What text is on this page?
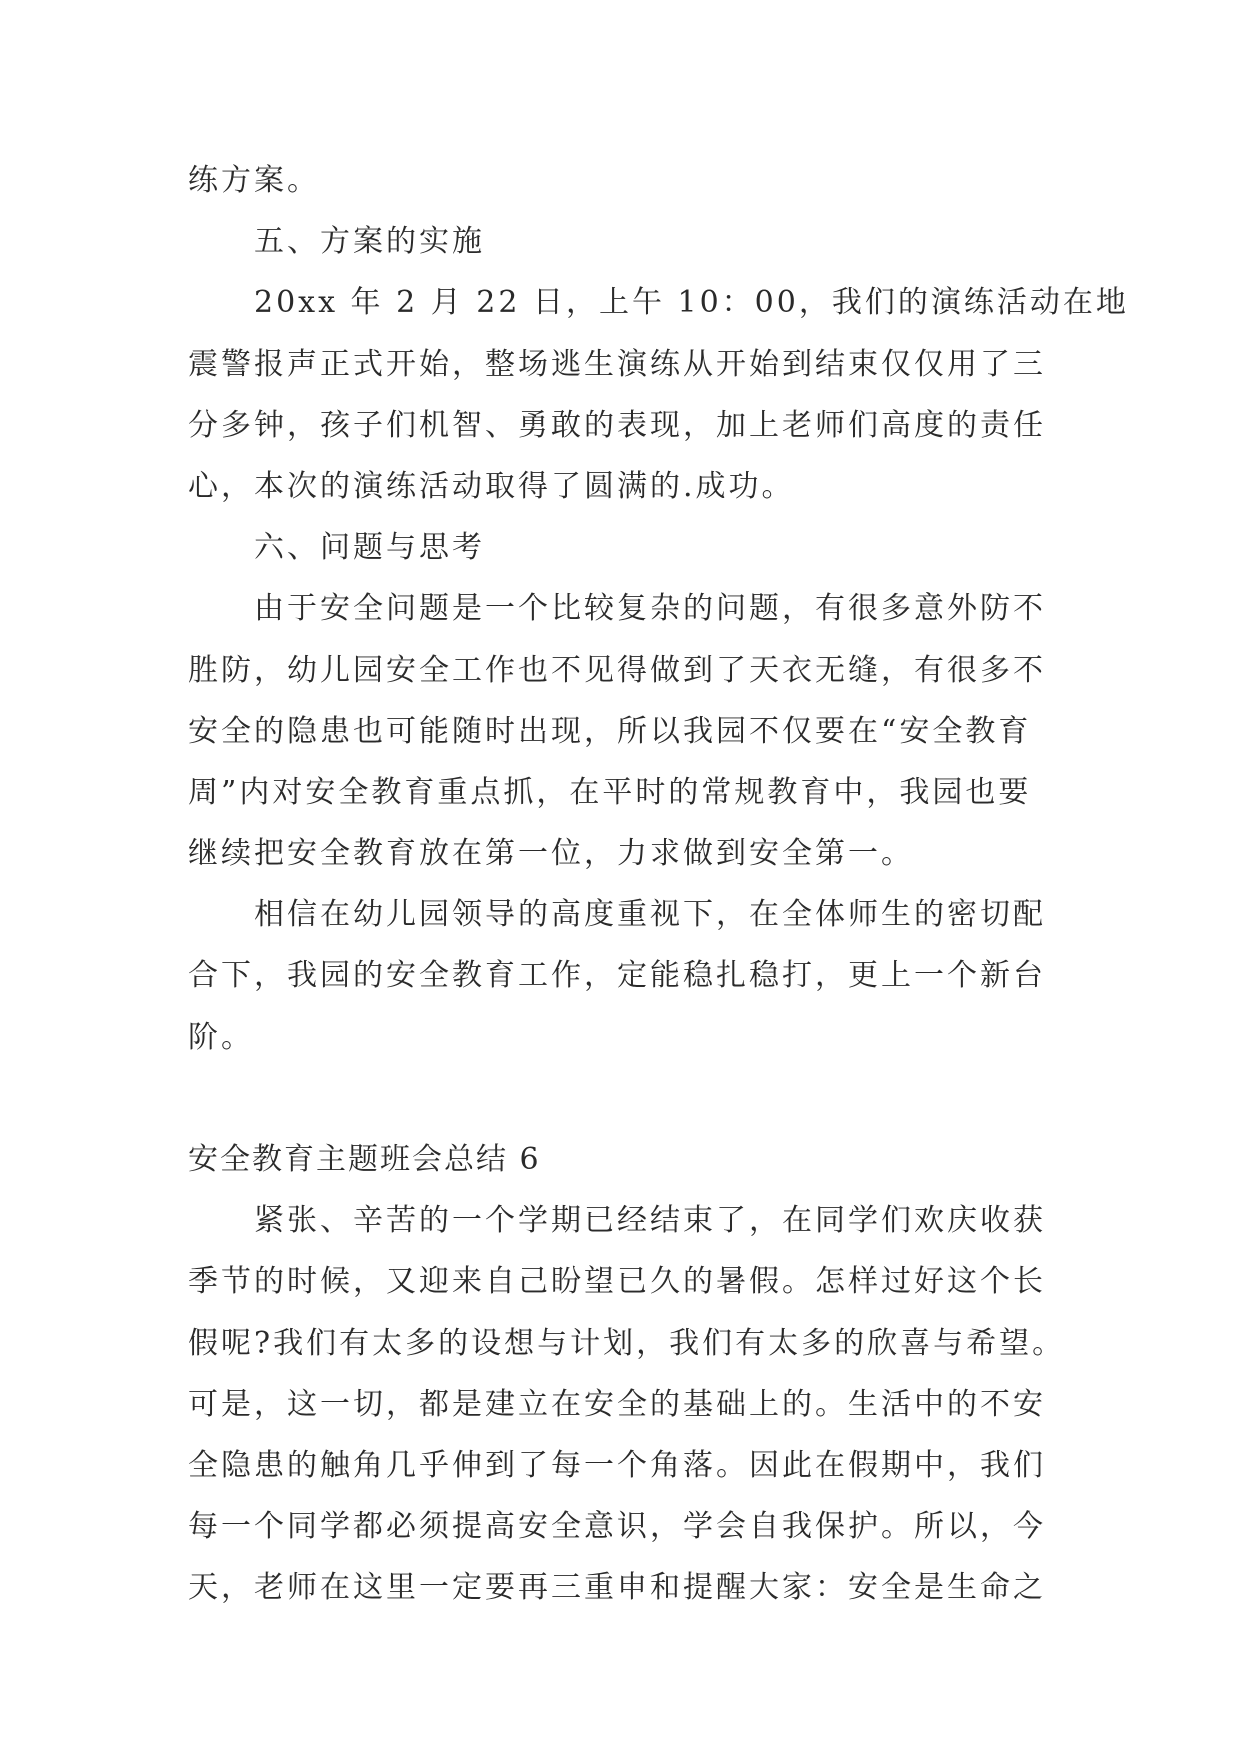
练方案。
五、方案的实施
20xx 年 2 月 22 日，上午 10：00，我们的演练活动在地
震警报声正式开始，整场逃生演练从开始到结束仅仅用了三
分多钟，孩子们机智、勇敢的表现，加上老师们高度的责任
心，本次的演练活动取得了圆满的.成功。
六、问题与思考
由于安全问题是一个比较复杂的问题，有很多意外防不
胜防，幼儿园安全工作也不见得做到了天衣无缝，有很多不
安全的隐患也可能随时出现，所以我园不仅要在“安全教育
周”内对安全教育重点抓，在平时的常规教育中，我园也要
继续把安全教育放在第一位，力求做到安全第一。
相信在幼儿园领导的高度重视下，在全体师生的密切配
合下，我园的安全教育工作，定能稳扎稳打，更上一个新台
阶。
安全教育主题班会总结 6
紧张、辛苦的一个学期已经结束了，在同学们欢庆收获
季节的时候，又迎来自己盼望已久的暑假。怎样过好这个长
假呢?我们有太多的设想与计划，我们有太多的欣喜与希望。
可是，这一切，都是建立在安全的基础上的。生活中的不安
全隐患的触角几乎伸到了每一个角落。因此在假期中，我们
每一个同学都必须提高安全意识，学会自我保护。所以，今
天，老师在这里一定要再三重申和提醒大家：安全是生命之
